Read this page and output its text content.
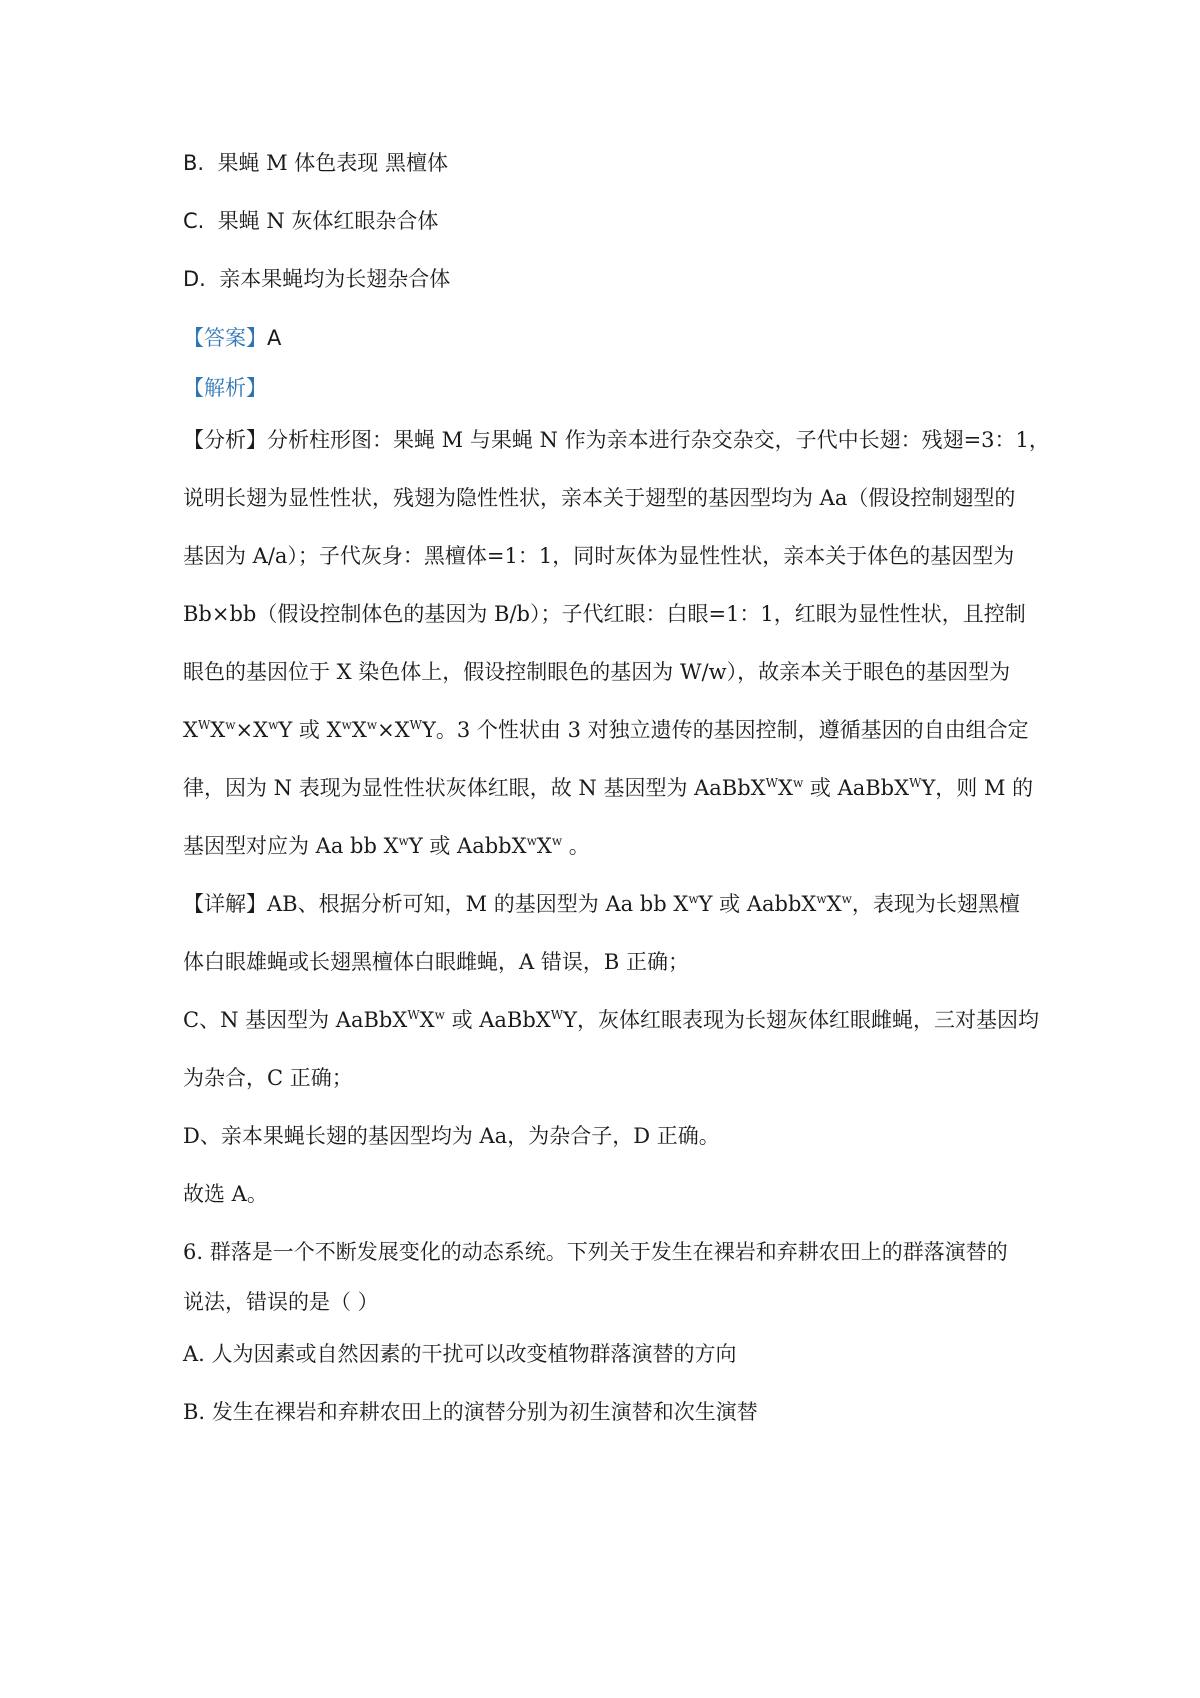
B. 果蝇 M 体色表现 黑檀体
C. 果蝇 N 灰体红眼杂合体
D. 亲本果蝇均为长翅杂合体
【答案】A
【解析】
【分析】分析柱形图：果蝇 M 与果蝇 N 作为亲本进行杂交杂交，子代中长翅：残翅=3：1，
说明长翅为显性性状，残翅为隐性性状，亲本关于翅型的基因型均为 Aa（假设控制翅型的
基因为 A/a）；子代灰身：黑檀体=1：1，同时灰体为显性性状，亲本关于体色的基因型为
Bb×bb（假设控制体色的基因为 B/b）；子代红眼：白眼=1：1，红眼为显性性状，且控制
眼色的基因位于 X 染色体上，假设控制眼色的基因为 W/w），故亲本关于眼色的基因型为
$X^WX^w\times X^wY$ 或 $X^wX^w\times X^WY$。3 个性状由 3 对独立遗传的基因控制，遵循基因的自由组合定
律，因为 N 表现为显性性状灰体红眼，故 N 基因型为 $AaBbX^WX^w$ 或 AaBbX$^W$Y，则 M 的
基因型对应为 Aa bb $X^wY$ 或 $AabbX^wX^w$ 。
【详解】AB、根据分析可知，M 的基因型为 Aa bb $X^wY$ 或 $AabbX^wX^w$，表现为长翅黑檀
体白眼雄蝇或长翅黑檀体白眼雌蝇，A 错误，B 正确；
C、N 基因型为 $AaBbX^WX^w$ 或 AaBbX$^W$Y，灰体红眼表现为长翅灰体红眼雌蝇，三对基因均
为杂合，C 正确；
D、亲本果蝇长翅的基因型均为 Aa，为杂合子，D 正确。
故选 A。
6. 群落是一个不断发展变化的动态系统。下列关于发生在裸岩和弃耕农田上的群落演替的
说法，错误的是（ ）
A. 人为因素或自然因素的干扰可以改变植物群落演替的方向
B. 发生在裸岩和弃耕农田上的演替分别为初生演替和次生演替
